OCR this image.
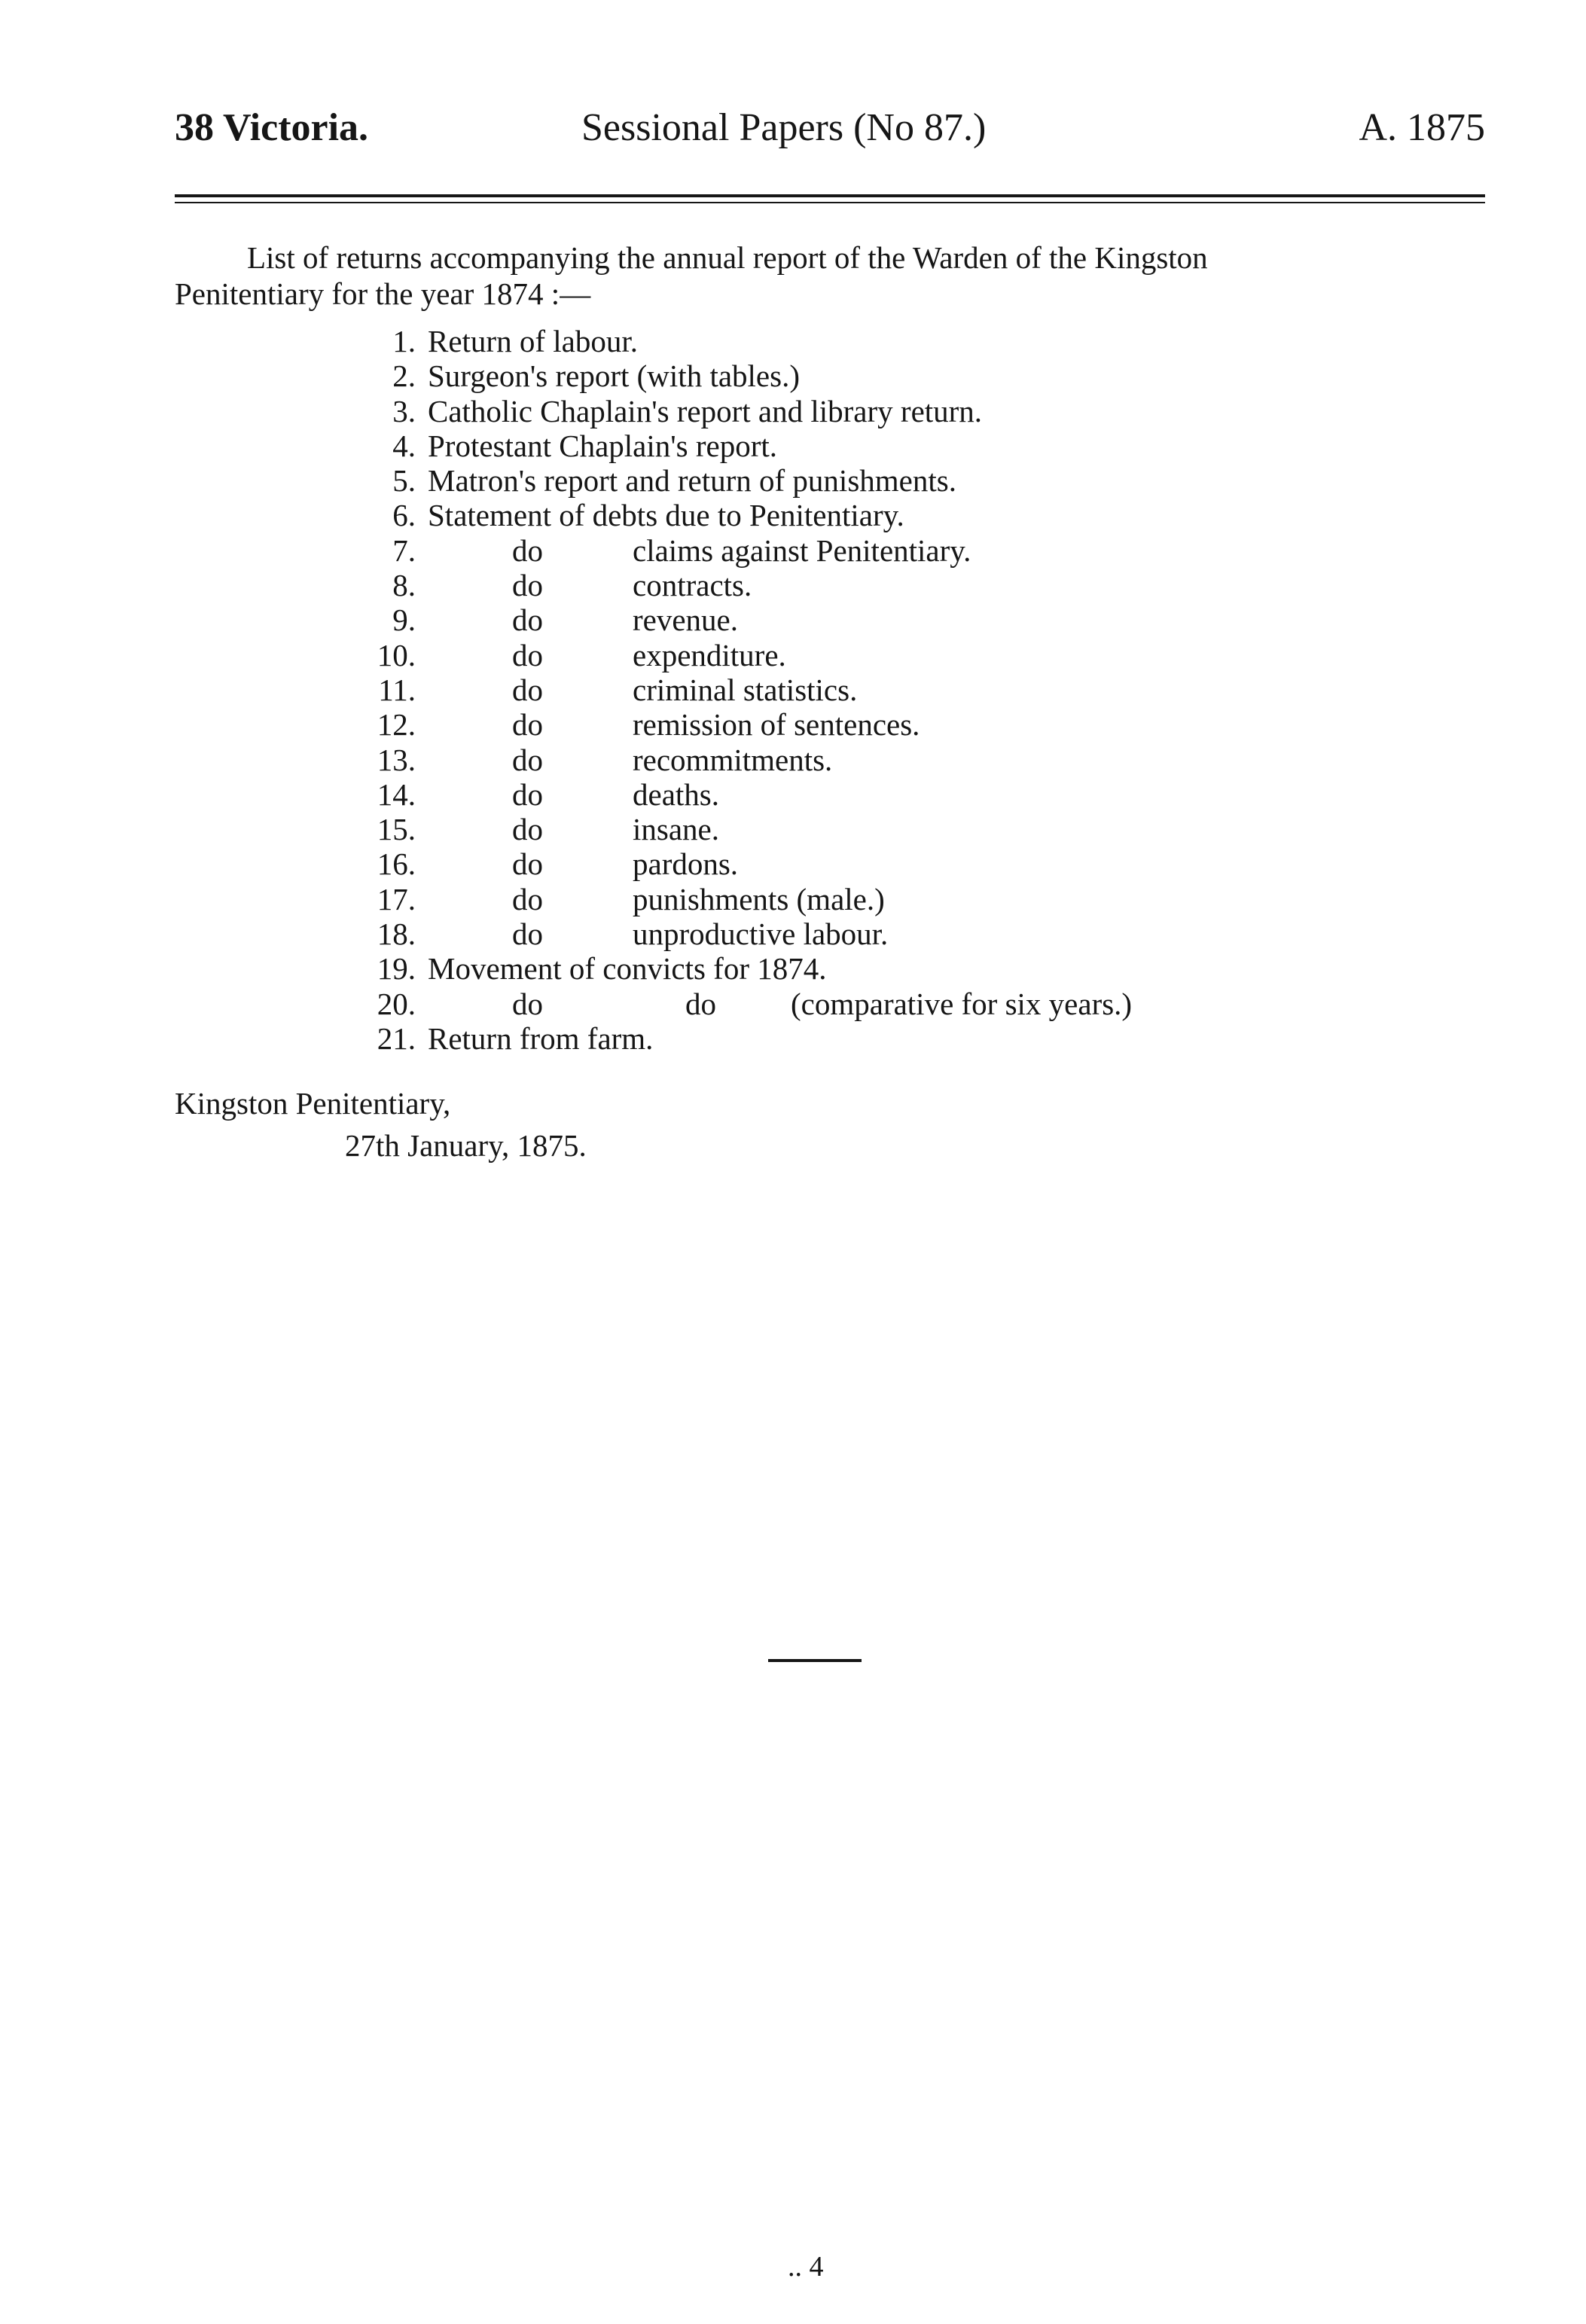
38 Victoria.	Sessional Papers (No 87.)	A. 1875
List of returns accompanying the annual report of the Warden of the Kingston
Penitentiary for the year 1874 :—
1. Return of labour.
2. Surgeon's report (with tables.)
3. Catholic Chaplain's report and library return.
4. Protestant Chaplain's report.
5. Matron's report and return of punishments.
6. Statement of debts due to Penitentiary.
7.	do	claims against Penitentiary.
8.	do	contracts.
9.	do	revenue.
10.	do	expenditure.
11.	do	criminal statistics.
12.	do	remission of sentences.
13.	do	recommitments.
14.	do	deaths.
15.	do	insane.
16.	do	pardons.
17.	do	punishments (male.)
18.	do	unproductive labour.
19. Movement of convicts for 1874.
20.	do	do (comparative for six years.)
21. Return from farm.
Kingston Penitentiary,
27th January, 1875.
.. 4
